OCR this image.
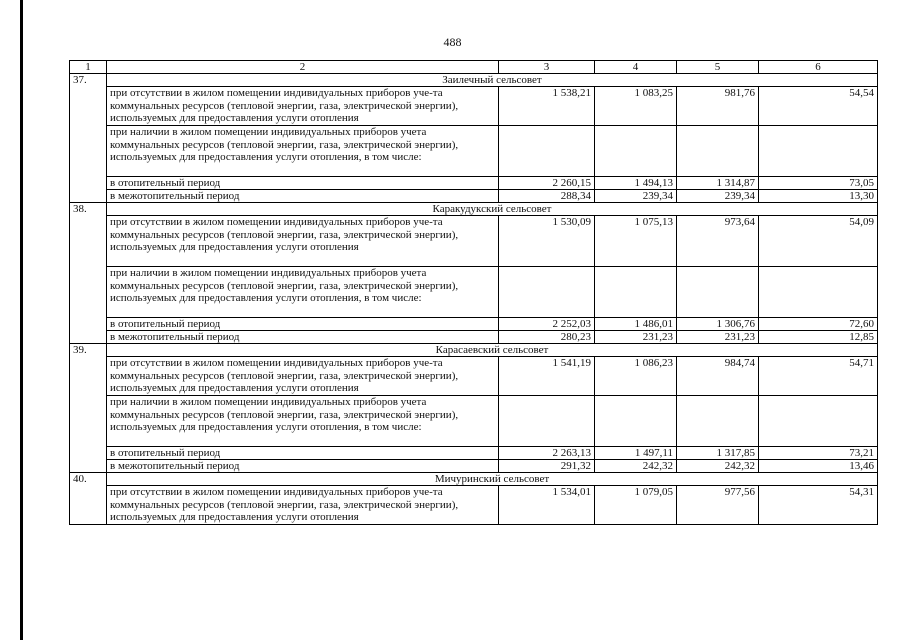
488
1	2	3	4	5	6
37.	Заилечный сельсовет				
	при отсутствии в жилом помещении индивидуальных приборов уче-та коммунальных ресурсов (тепловой энергии, газа, электрической энергии), используемых для предоставления услуги отопления	1 538,21	1 083,25	981,76	54,54
	при наличии в жилом помещении индивидуальных приборов учета коммунальных ресурсов (тепловой энергии, газа, электрической энергии), используемых для предоставления услуги отопления, в том числе:				
	в отопительный период	2 260,15	1 494,13	1 314,87	73,05
	в межотопительный период	288,34	239,34	239,34	13,30
38.	Каракудукский сельсовет				
	при отсутствии в жилом помещении индивидуальных приборов уче-та коммунальных ресурсов (тепловой энергии, газа, электрической энергии), используемых для предоставления услуги отопления	1 530,09	1 075,13	973,64	54,09
	при наличии в жилом помещении индивидуальных приборов учета коммунальных ресурсов (тепловой энергии, газа, электрической энергии), используемых для предоставления услуги отопления, в том числе:				
	в отопительный период	2 252,03	1 486,01	1 306,76	72,60
	в межотопительный период	280,23	231,23	231,23	12,85
39.	Карасаевский сельсовет				
	при отсутствии в жилом помещении индивидуальных приборов уче-та коммунальных ресурсов (тепловой энергии, газа, электрической энергии), используемых для предоставления услуги отопления	1 541,19	1 086,23	984,74	54,71
	при наличии в жилом помещении индивидуальных приборов учета коммунальных ресурсов (тепловой энергии, газа, электрической энергии), используемых для предоставления услуги отопления, в том числе:				
	в отопительный период	2 263,13	1 497,11	1 317,85	73,21
	в межотопительный период	291,32	242,32	242,32	13,46
40.	Мичуринский сельсовет				
	при отсутствии в жилом помещении индивидуальных приборов уче-та коммунальных ресурсов (тепловой энергии, газа, электрической энергии), используемых для предоставления услуги отопления	1 534,01	1 079,05	977,56	54,31
